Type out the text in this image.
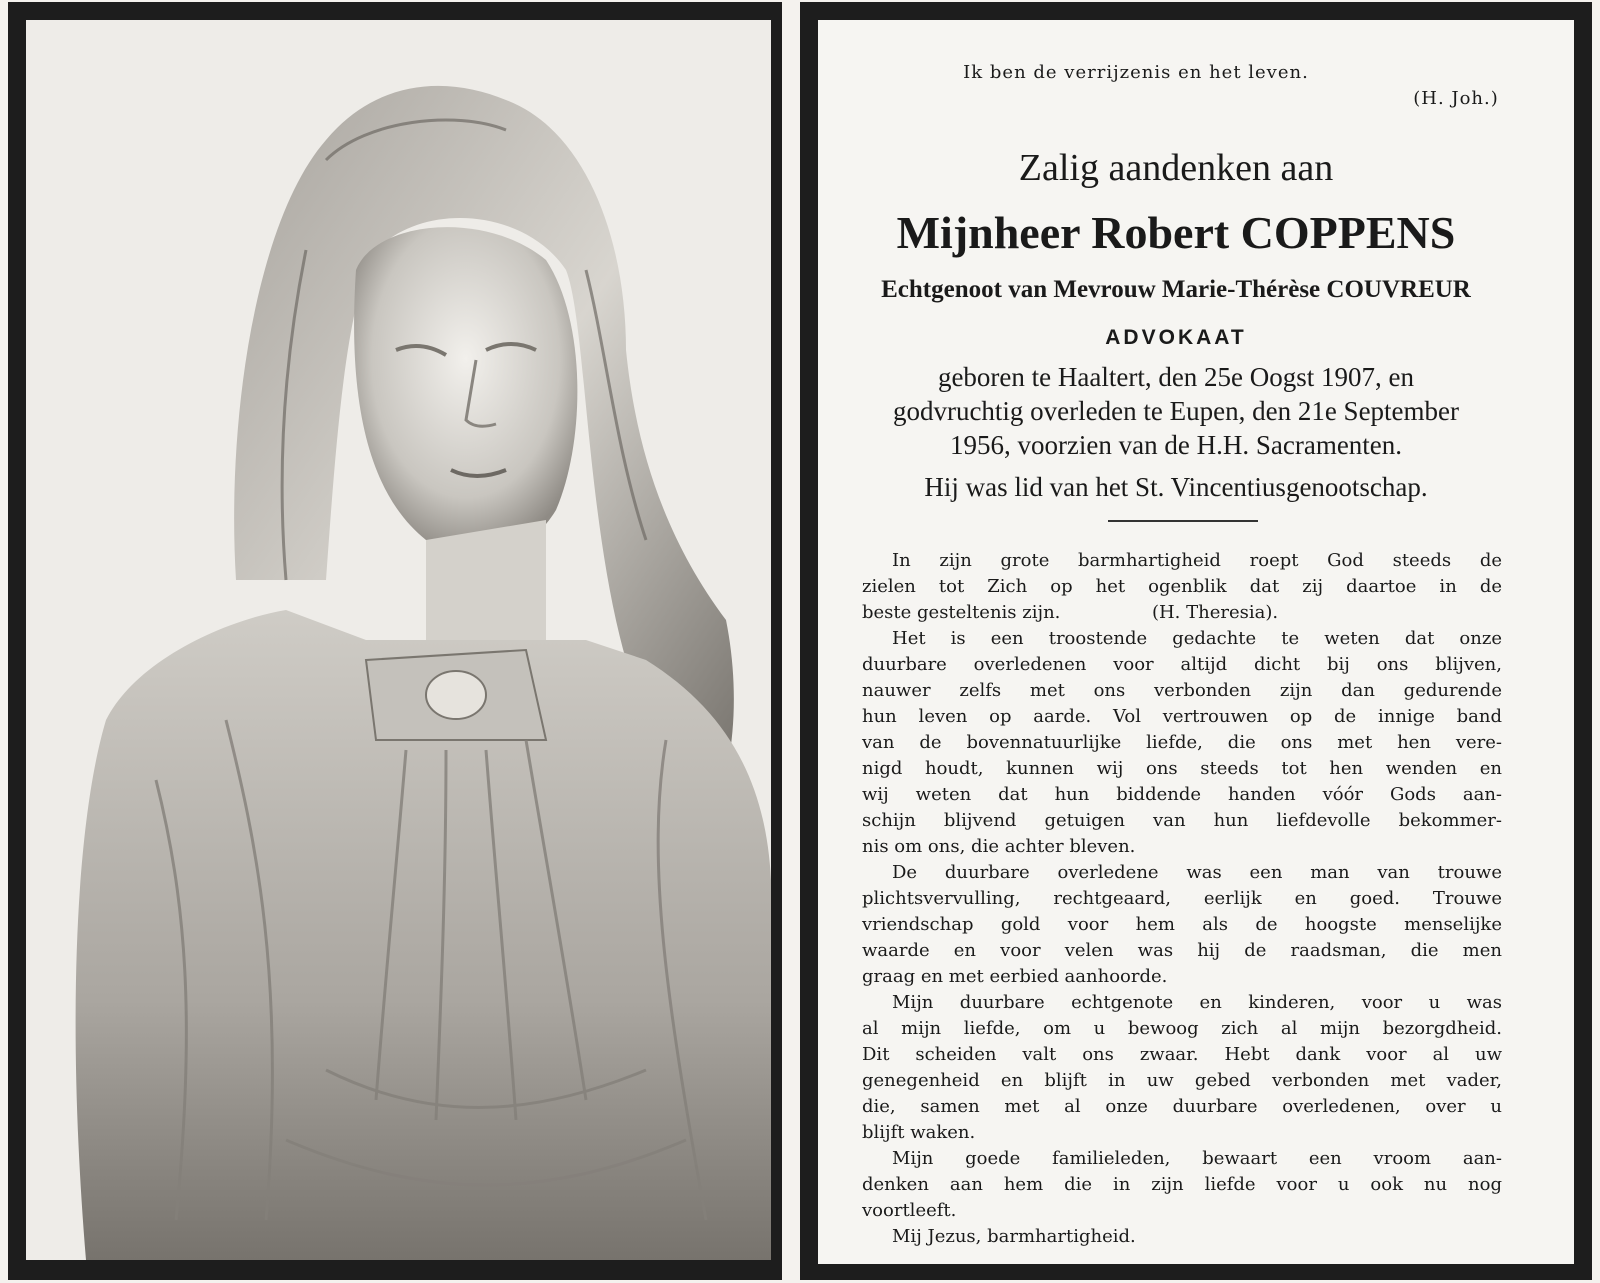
Ik ben de verrijzenis en het leven.

(H. Joh.)

Zalig aandenken aan

Mijnheer Robert COPPENS

Echtgenoot van Mevrouw Marie-Thérèse COUVREUR

ADVOKAAT

geboren te Haaltert, den 25e Oogst 1907, en

godvruchtig overleden te Eupen, den 21e September

1956, voorzien van de H.H. Sacramenten.

Hij was lid van het St. Vincentiusgenootschap.

In zijn grote barmhartigheid roept God steeds de
zielen tot Zich op het ogenblik dat zij daartoe in de
beste gesteltenis zijn.                (H. Theresia).
Het is een troostende gedachte te weten dat onze
duurbare overledenen voor altijd dicht bij ons blijven,
nauwer zelfs met ons verbonden zijn dan gedurende
hun leven op aarde. Vol vertrouwen op de innige band
van de bovennatuurlijke liefde, die ons met hen vere-
nigd houdt, kunnen wij ons steeds tot hen wenden en
wij weten dat hun biddende handen vóór Gods aan-
schijn blijvend getuigen van hun liefdevolle bekommer-
nis om ons, die achter bleven.
De duurbare overledene was een man van trouwe
plichtsvervulling, rechtgeaard, eerlijk en goed. Trouwe
vriendschap gold voor hem als de hoogste menselijke
waarde en voor velen was hij de raadsman, die men
graag en met eerbied aanhoorde.
Mijn duurbare echtgenote en kinderen, voor u was
al mijn liefde, om u bewoog zich al mijn bezorgdheid.
Dit scheiden valt ons zwaar. Hebt dank voor al uw
genegenheid en blijft in uw gebed verbonden met vader,
die, samen met al onze duurbare overledenen, over u
blijft waken.
Mijn goede familieleden, bewaart een vroom aan-
denken aan hem die in zijn liefde voor u ook nu nog
voortleeft.
Mij Jezus, barmhartigheid.
